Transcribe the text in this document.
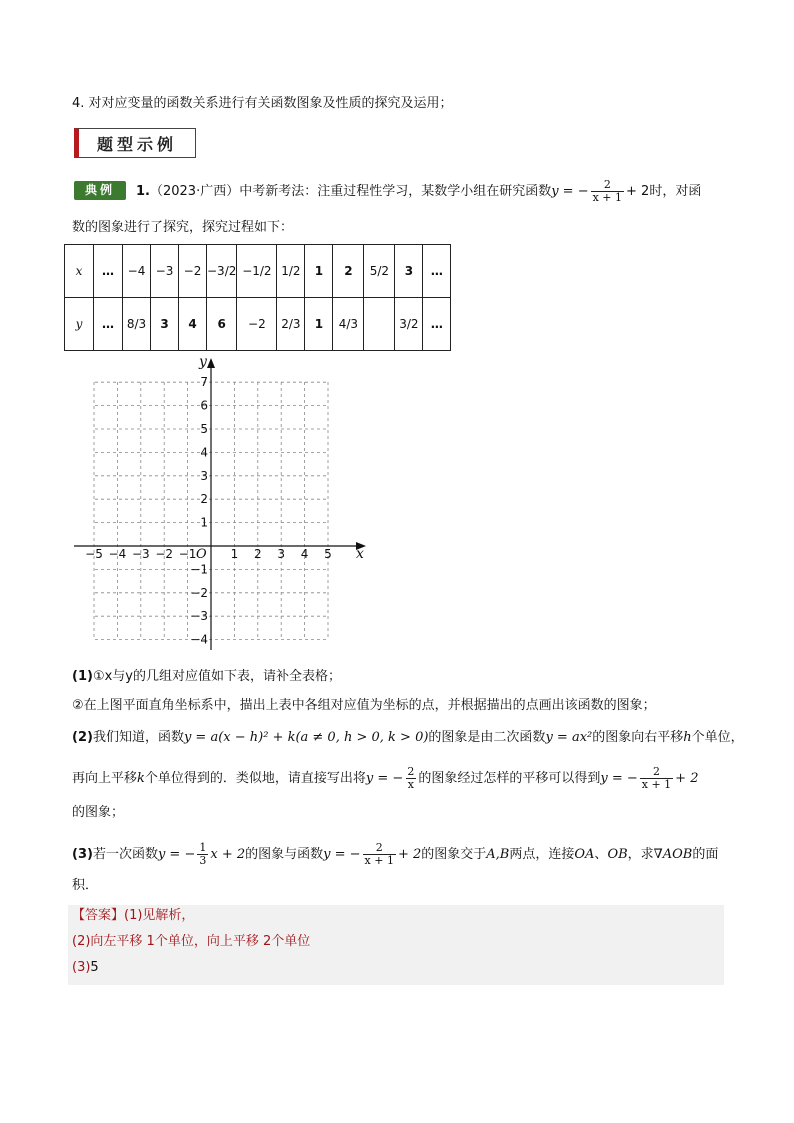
4. 对对应变量的函数关系进行有关函数图象及性质的探究及运用；
题型示例
典例	1.（2023·广西）中考新考法：注重过程性学习，某数学小组在研究函数y = − $\frac{2}{x + 1} + 2$时，对函
数的图象进行了探究，探究过程如下：
x	…	−4	−3	−2	−3/2	−1/2	1/2	1	2	5/2	3	…
y	…	8/3	3	4	6	−2	2/3	1	4/3		3/2	…
y
x
O
−5 −4 −3 −2 −1	1 2 3 4 5
7
6
5
4
3
2
1
−1
−2
−3
−4
(1)①x与y的几组对应值如下表，请补全表格；
②在上图平面直角坐标系中，描出上表中各组对应值为坐标的点，并根据描出的点画出该函数的图象；
(2)我们知道，函数y = a(x − h)² + k(a ≠ 0, h > 0, k > 0)的图象是由二次函数y = ax²的图象向右平移h个单位，
再向上平移k个单位得到的．类似地，请直接写出将y = − $\frac{2}{x}$ 的图象经过怎样的平移可以得到y = − $\frac{2}{x + 1} + 2$
的图象；
(3)若一次函数y = − $\frac{1}{3}$ x + 2的图象与函数y = − $\frac{2}{x + 1} + 2$的图象交于A,B两点，连接OA、OB，求∇AOB的面
积．
【答案】(1)见解析，
(2)向左平移 1个单位，向上平移 2个单位
(3)5
